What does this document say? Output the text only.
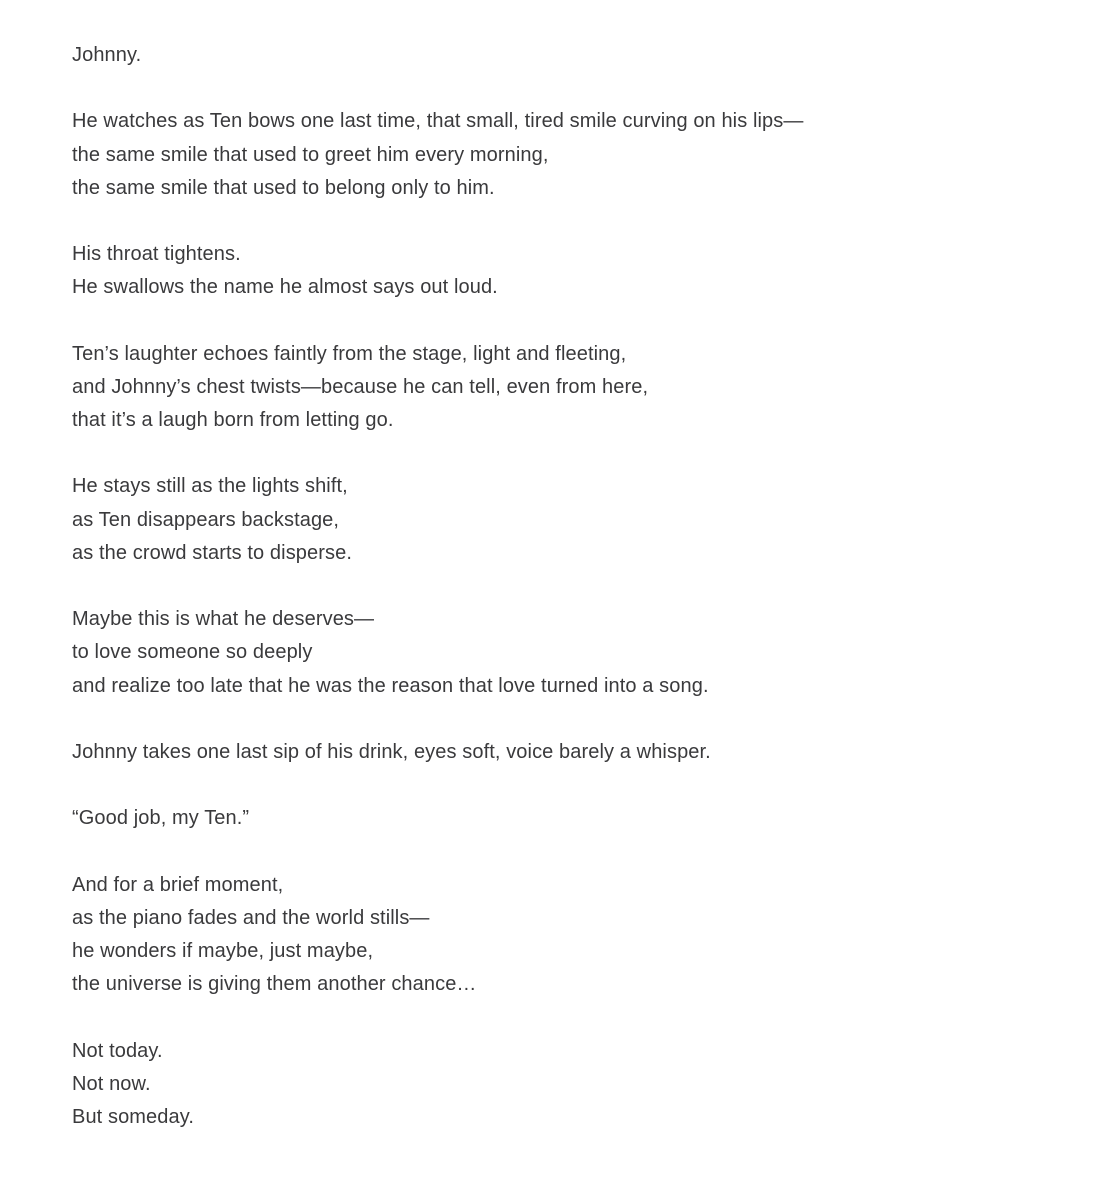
Johnny.
He watches as Ten bows one last time, that small, tired smile curving on his lips—
the same smile that used to greet him every morning,
the same smile that used to belong only to him.
His throat tightens.
He swallows the name he almost says out loud.
Ten’s laughter echoes faintly from the stage, light and fleeting,
and Johnny’s chest twists—because he can tell, even from here,
that it’s a laugh born from letting go.
He stays still as the lights shift,
as Ten disappears backstage,
as the crowd starts to disperse.
Maybe this is what he deserves—
to love someone so deeply
and realize too late that he was the reason that love turned into a song.
Johnny takes one last sip of his drink, eyes soft, voice barely a whisper.
“Good job, my Ten.”
And for a brief moment,
as the piano fades and the world stills—
he wonders if maybe, just maybe,
the universe is giving them another chance…
Not today.
Not now.
But someday.
